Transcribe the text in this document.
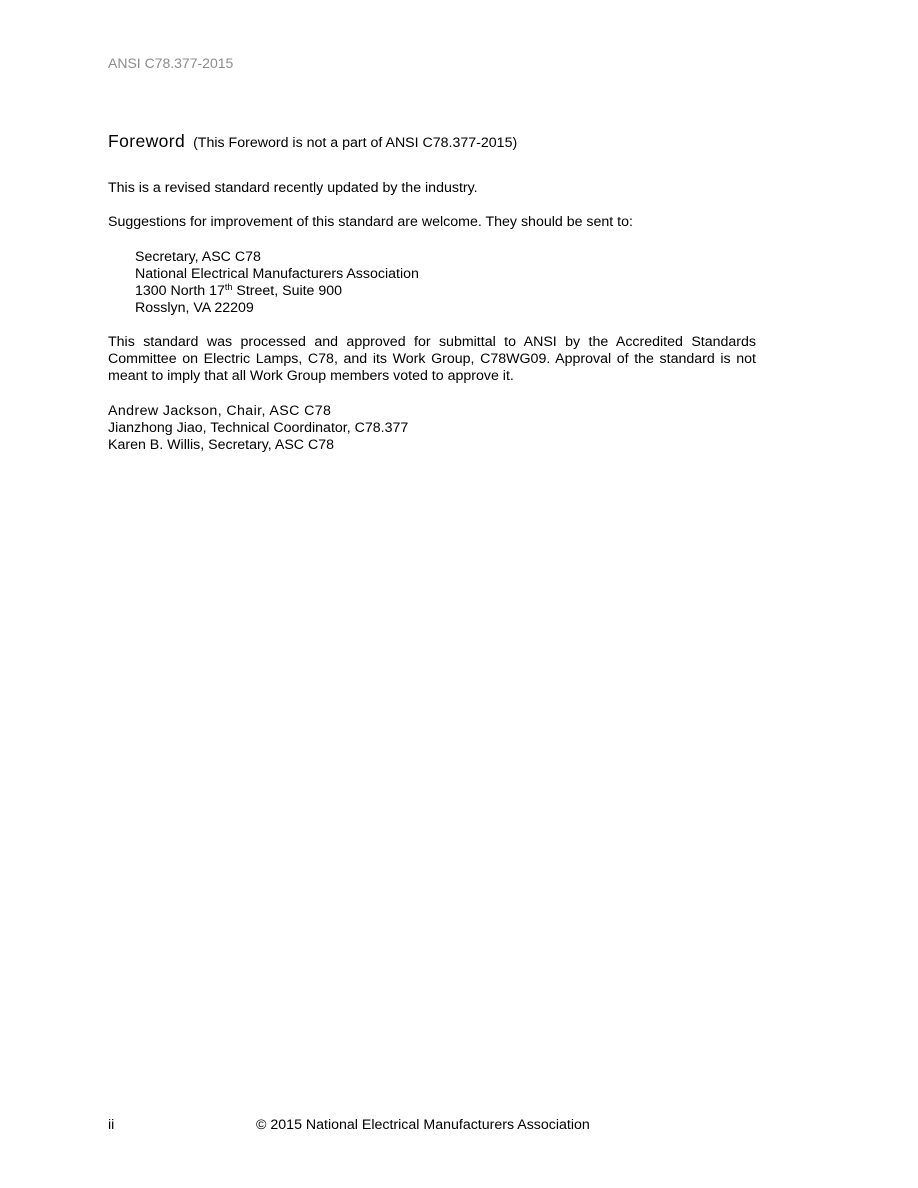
ANSI C78.377-2015
Foreword (This Foreword is not a part of ANSI C78.377-2015)

This is a revised standard recently updated by the industry.

Suggestions for improvement of this standard are welcome. They should be sent to:

Secretary, ASC C78
National Electrical Manufacturers Association
1300 North 17th Street, Suite 900
Rosslyn, VA 22209

This standard was processed and approved for submittal to ANSI by the Accredited Standards Committee on Electric Lamps, C78, and its Work Group, C78WG09. Approval of the standard is not meant to imply that all Work Group members voted to approve it.

Andrew Jackson, Chair, ASC C78
Jianzhong Jiao, Technical Coordinator, C78.377
Karen B. Willis, Secretary, ASC C78
ii	© 2015 National Electrical Manufacturers Association
